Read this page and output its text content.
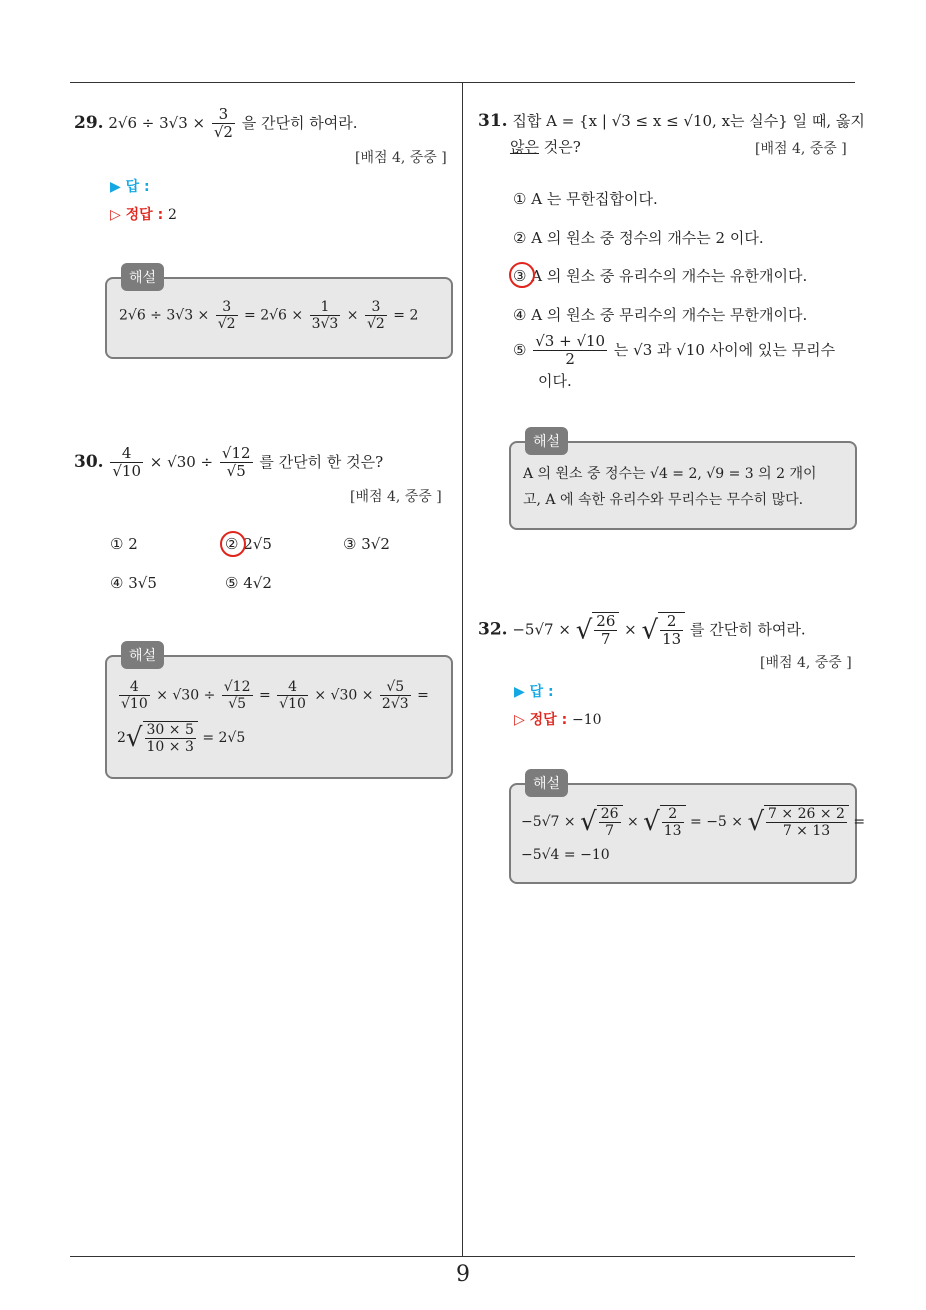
29. $2√6 \div 3√3 \times \frac{3}{√2}$ 을 간단히 하여라.
[배점 4, 중중 ]
▶ 답 :
▷ 정답 : 2
해설
$2√6 \div 3√3 \times \frac{3}{√2} = 2√6 \times \frac{1}{3√3} \times \frac{3}{√2} = 2$
30. $\frac{4}{√10} \times √30 \div \frac{√12}{√5}$ 를 간단히 한 것은?
[배점 4, 중중 ]
① 2	② 2√5	③ 3√2
④ 3√5	⑤ 4√2
해설
$\frac{4}{√10} \times √30 \div \frac{√12}{√5} = \frac{4}{√10} \times √30 \times \frac{√5}{2√3}$ =
$2√ \frac{30 \times 5}{10 \times 3} = 2√5$
31. 집합 A = {x | √3 ≤ x ≤ √10, x는 실수} 일 때, 옳지
않은 것은?	[배점 4, 중중 ]
① A 는 무한집합이다.
② A 의 원소 중 정수의 개수는 2 이다.
③ A 의 원소 중 유리수의 개수는 유한개이다.
④ A 의 원소 중 무리수의 개수는 무한개이다.
⑤ $\frac{√3 + √10}{2}$ 는 √3 과 √10 사이에 있는 무리수
이다.
해설
A 의 원소 중 정수는 √4 = 2, √9 = 3 의 2 개이
고, A 에 속한 유리수와 무리수는 무수히 많다.
32. −5√7 × √ $\frac{26}{7}$ × √ $\frac{2}{13}$ 를 간단히 하여라.
[배점 4, 중중 ]
▶ 답 :
▷ 정답 : −10
해설
−5√7 × √ $\frac{26}{7}$ × √ $\frac{2}{13} = -5$ × √ $\frac{7 \times 26 \times 2}{7 \times 13}$ =
−5√4 = −10
9
